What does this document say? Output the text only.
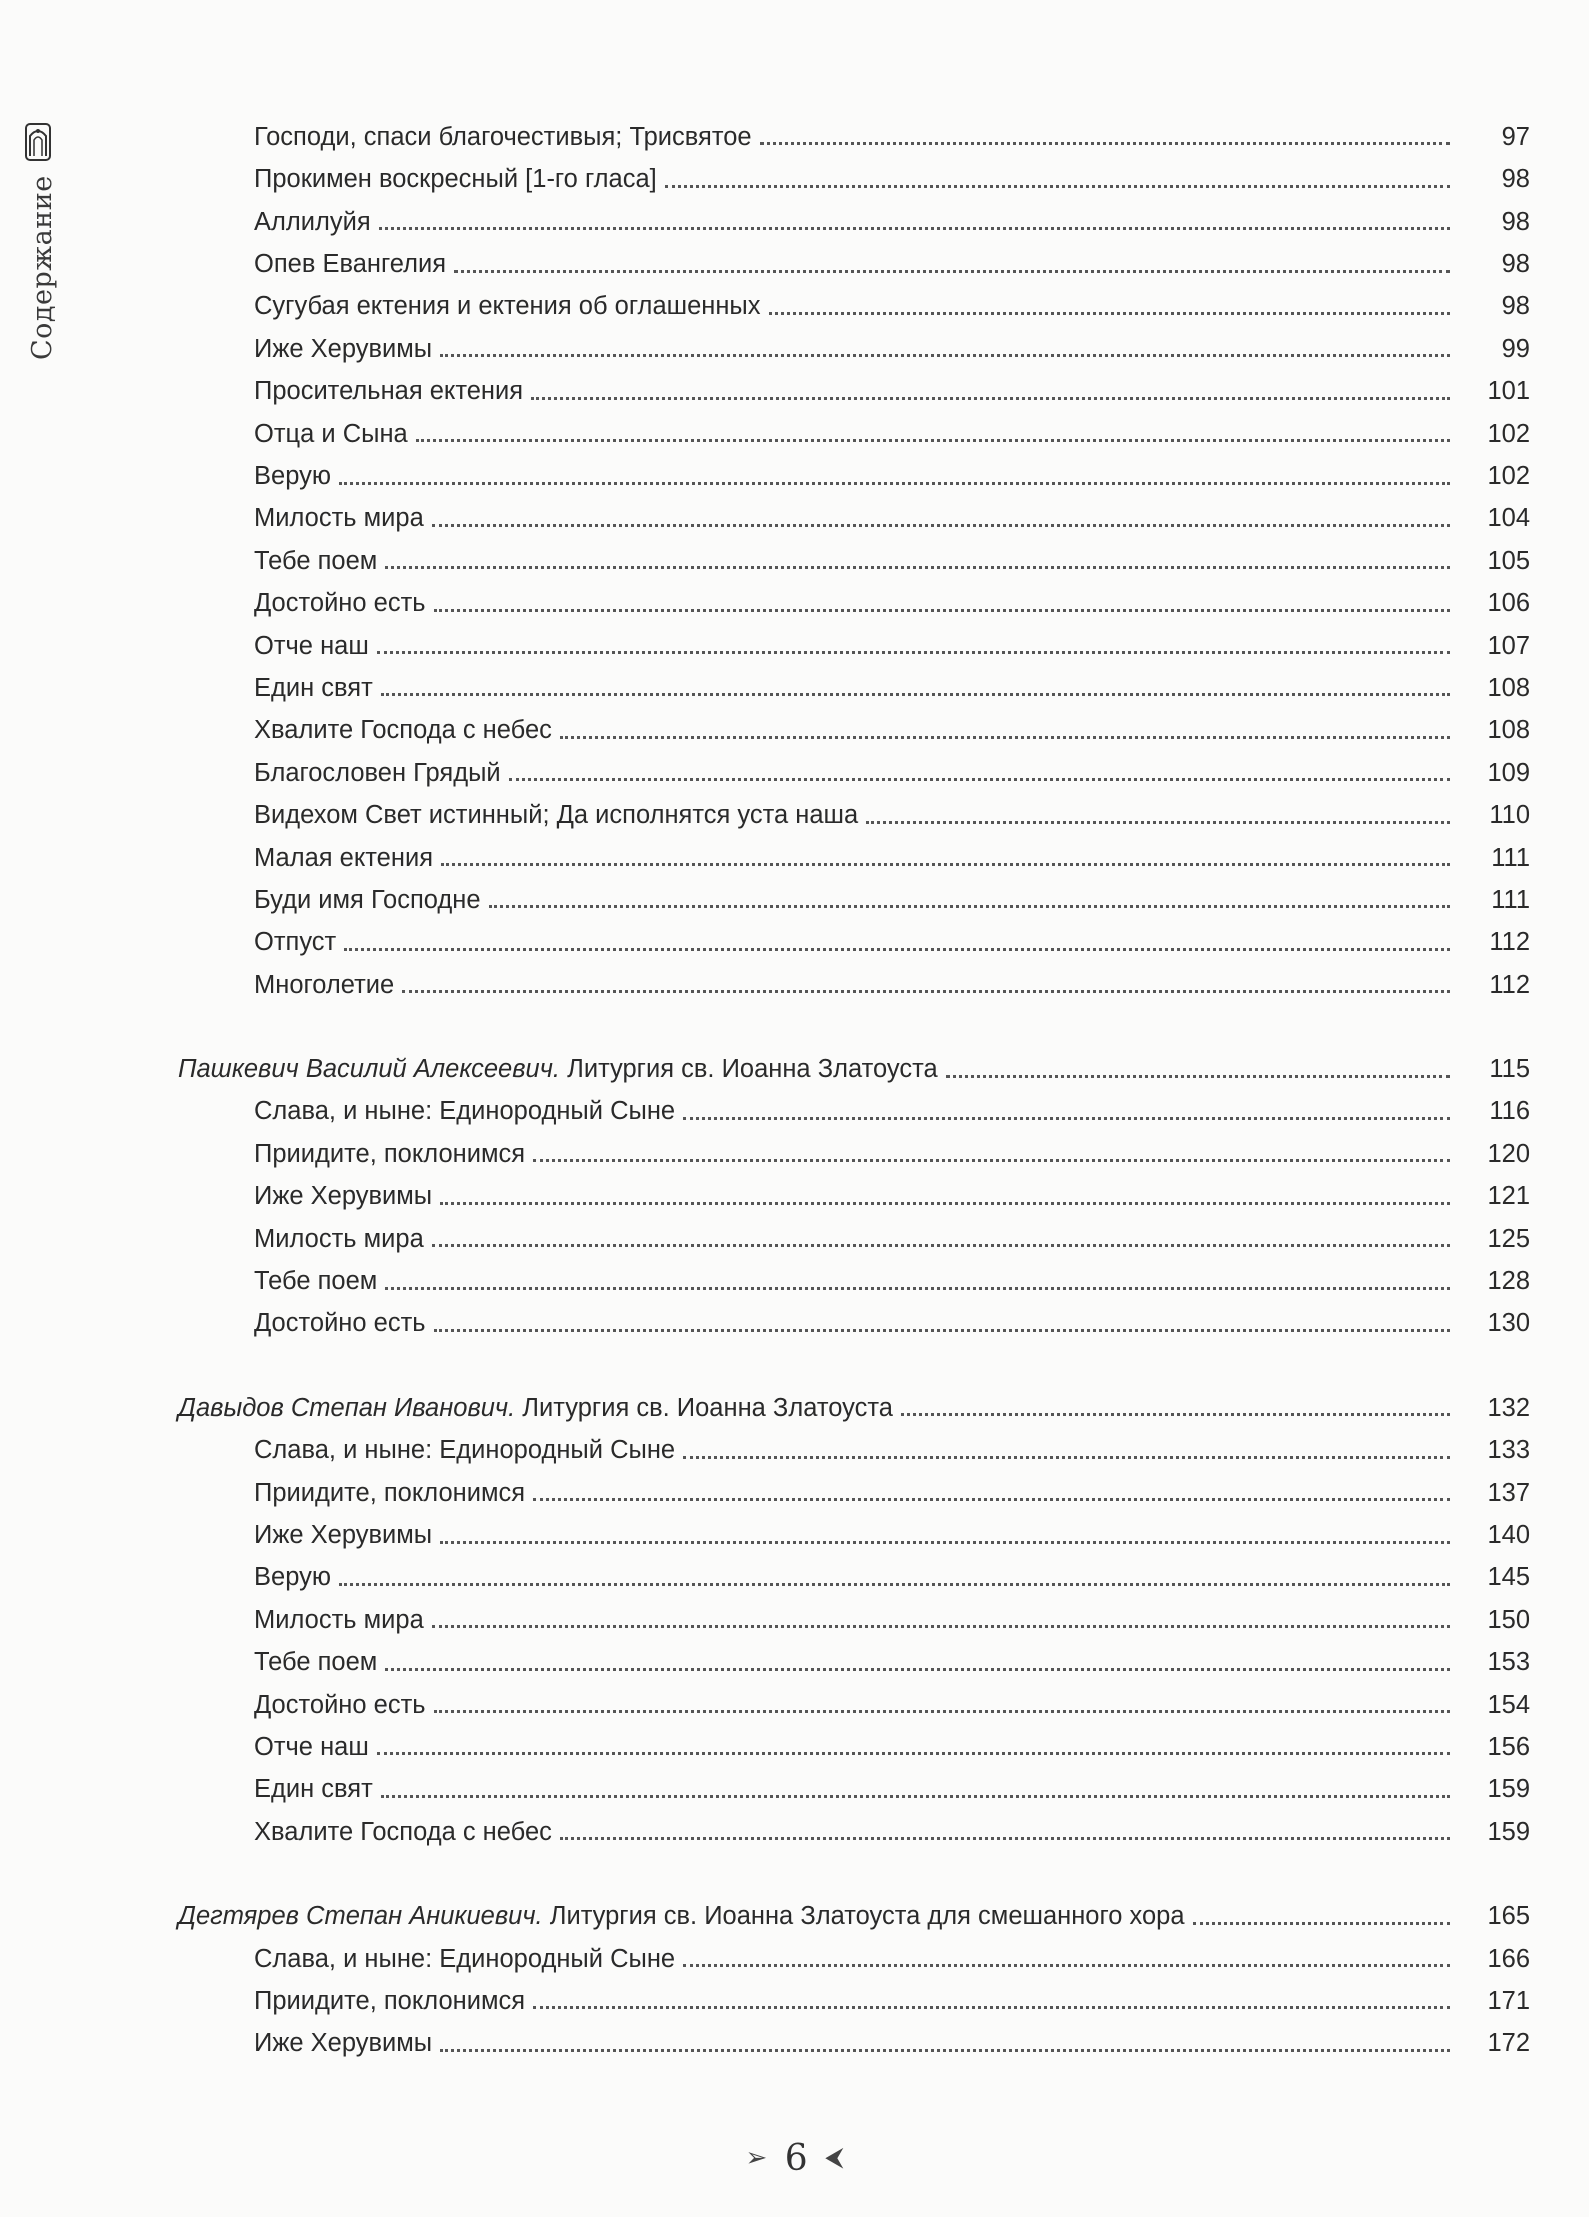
Содержание
Господи, спаси благочестивыя; Трисвятое	97
Прокимен воскресный [1-го гласа]	98
Аллилуйя	98
Опев Евангелия	98
Сугубая ектения и ектения об оглашенных	98
Иже Херувимы	99
Просительная ектения	101
Отца и Сына	102
Верую	102
Милость мира	104
Тебе поем	105
Достойно есть	106
Отче наш	107
Един свят	108
Хвалите Господа с небес	108
Благословен Грядый	109
Видехом Свет истинный; Да исполнятся уста наша	110
Малая ектения	111
Буди имя Господне	111
Отпуст	112
Многолетие	112
Пашкевич Василий Алексеевич. Литургия св. Иоанна Златоуста	115
Слава, и ныне: Единородный Сыне	116
Приидите, поклонимся	120
Иже Херувимы	121
Милость мира	125
Тебе поем	128
Достойно есть	130
Давыдов Степан Иванович. Литургия св. Иоанна Златоуста	132
Слава, и ныне: Единородный Сыне	133
Приидите, поклонимся	137
Иже Херувимы	140
Верую	145
Милость мира	150
Тебе поем	153
Достойно есть	154
Отче наш	156
Един свят	159
Хвалите Господа с небес	159
Дегтярев Степан Аникиевич. Литургия св. Иоанна Златоуста для смешанного хора	165
Слава, и ныне: Единородный Сыне	166
Приидите, поклонимся	171
Иже Херувимы	172
➢ 6 ⮜
